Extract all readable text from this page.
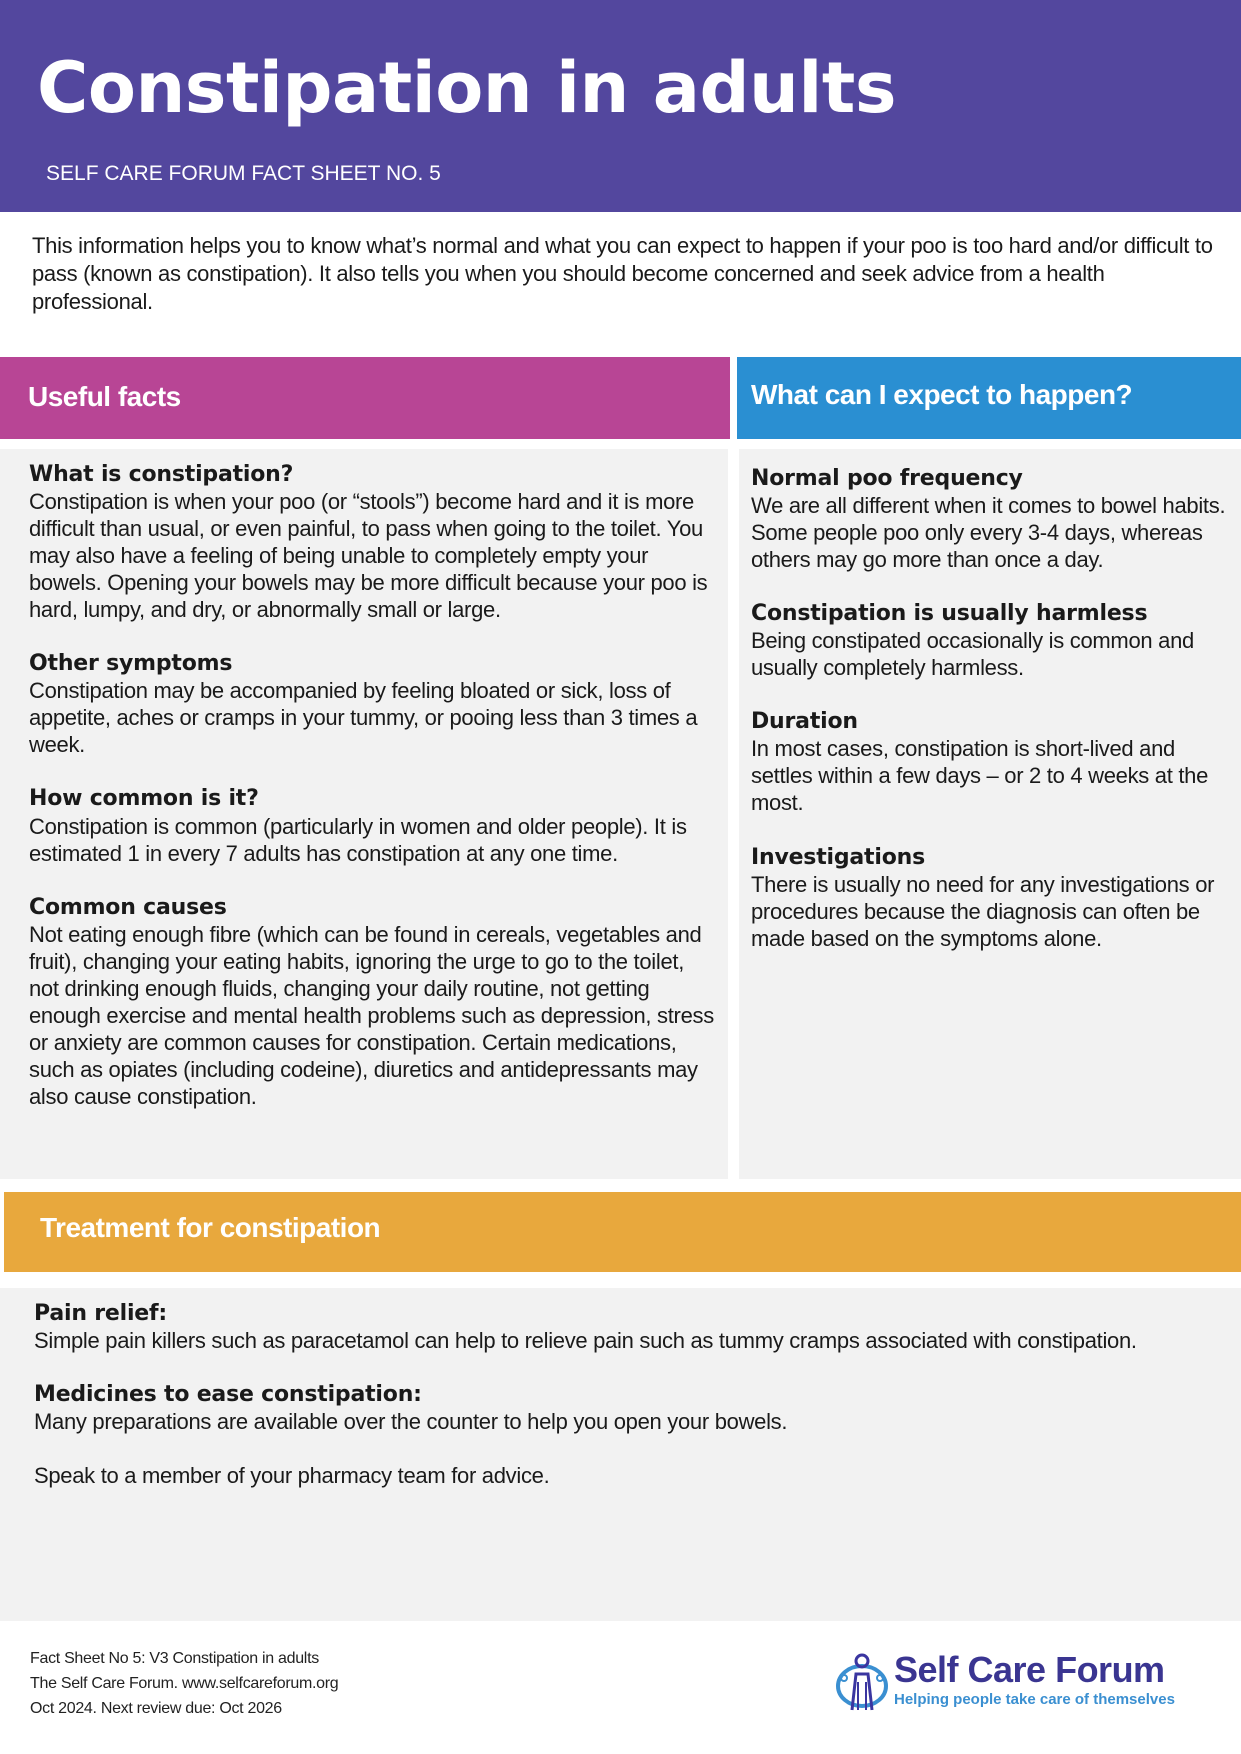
Constipation in adults
SELF CARE FORUM FACT SHEET NO. 5
This information helps you to know what’s normal and what you can expect to happen if your poo is too hard and/or difficult to pass (known as constipation). It also tells you when you should become concerned and seek advice from a health professional.
Useful facts
What is constipation?
Constipation is when your poo (or “stools”) become hard and it is more difficult than usual, or even painful, to pass when going to the toilet. You may also have a feeling of being unable to completely empty your bowels. Opening your bowels may be more difficult because your poo is hard, lumpy, and dry, or abnormally small or large.
Other symptoms
Constipation may be accompanied by feeling bloated or sick, loss of appetite, aches or cramps in your tummy, or pooing less than 3 times a week.
How common is it?
Constipation is common (particularly in women and older people). It is estimated 1 in every 7 adults has constipation at any one time.
Common causes
Not eating enough fibre (which can be found in cereals, vegetables and fruit), changing your eating habits, ignoring the urge to go to the toilet, not drinking enough fluids, changing your daily routine, not getting enough exercise and mental health problems such as depression, stress or anxiety are common causes for constipation. Certain medications, such as opiates (including codeine), diuretics and antidepressants may also cause constipation.
What can I expect to happen?
Normal poo frequency
We are all different when it comes to bowel habits. Some people poo only every 3-4 days, whereas others may go more than once a day.
Constipation is usually harmless
Being constipated occasionally is common and usually completely harmless.
Duration
In most cases, constipation is short-lived and settles within a few days – or 2 to 4 weeks at the most.
Investigations
There is usually no need for any investigations or procedures because the diagnosis can often be made based on the symptoms alone.
Treatment for constipation
Pain relief:
Simple pain killers such as paracetamol can help to relieve pain such as tummy cramps associated with constipation.
Medicines to ease constipation:
Many preparations are available over the counter to help you open your bowels.
Speak to a member of your pharmacy team for advice.
Fact Sheet No 5: V3 Constipation in adults
The Self Care Forum. www.selfcareforum.org
Oct 2024. Next review due: Oct 2026
Self Care Forum
Helping people take care of themselves
